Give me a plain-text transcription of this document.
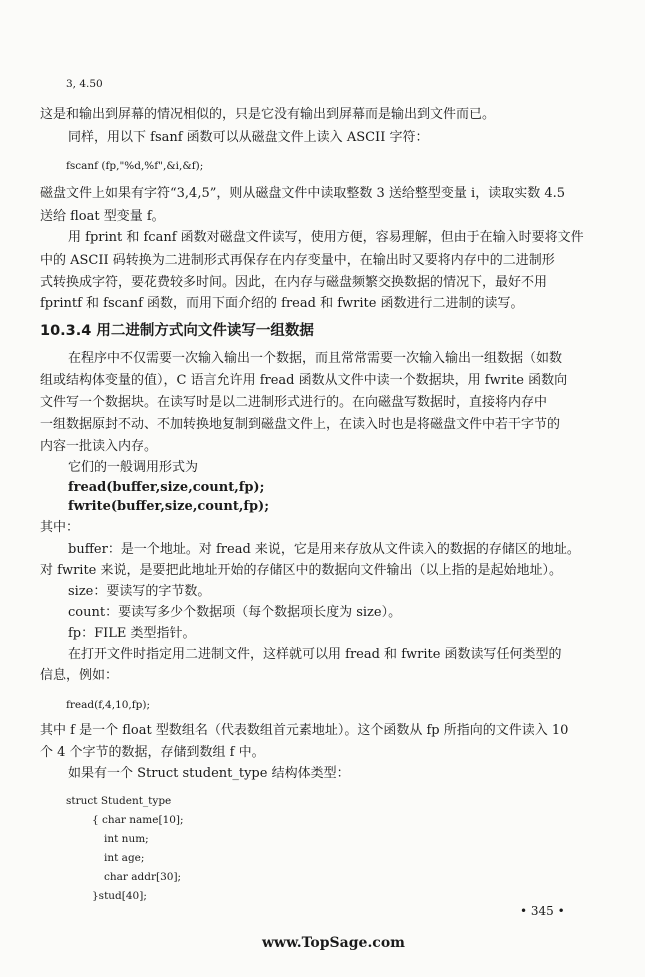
3, 4.50
这是和输出到屏幕的情况相似的，只是它没有输出到屏幕而是输出到文件而已。
同样，用以下 fsanf 函数可以从磁盘文件上读入 ASCII 字符：
fscanf (fp,"%d,%f",&i,&f);
磁盘文件上如果有字符“3,4,5”，则从磁盘文件中读取整数 3 送给整型变量 i，读取实数 4.5
送给 float 型变量 f。
用 fprint 和 fcanf 函数对磁盘文件读写，使用方便，容易理解，但由于在输入时要将文件
中的 ASCII 码转换为二进制形式再保存在内存变量中，在输出时又要将内存中的二进制形
式转换成字符，要花费较多时间。因此，在内存与磁盘频繁交换数据的情况下，最好不用
fprintf 和 fscanf 函数，而用下面介绍的 fread 和 fwrite 函数进行二进制的读写。
10.3.4 用二进制方式向文件读写一组数据
在程序中不仅需要一次输入输出一个数据，而且常常需要一次输入输出一组数据（如数
组或结构体变量的值），C 语言允许用 fread 函数从文件中读一个数据块，用 fwrite 函数向
文件写一个数据块。在读写时是以二进制形式进行的。在向磁盘写数据时，直接将内存中
一组数据原封不动、不加转换地复制到磁盘文件上，在读入时也是将磁盘文件中若干字节的
内容一批读入内存。
它们的一般调用形式为
fread(buffer,size,count,fp);
fwrite(buffer,size,count,fp);
其中：
buffer：是一个地址。对 fread 来说，它是用来存放从文件读入的数据的存储区的地址。
对 fwrite 来说，是要把此地址开始的存储区中的数据向文件输出（以上指的是起始地址）。
size：要读写的字节数。
count：要读写多少个数据项（每个数据项长度为 size）。
fp：FILE 类型指针。
在打开文件时指定用二进制文件，这样就可以用 fread 和 fwrite 函数读写任何类型的
信息，例如：
fread(f,4,10,fp);
其中 f 是一个 float 型数组名（代表数组首元素地址）。这个函数从 fp 所指向的文件读入 10
个 4 个字节的数据，存储到数组 f 中。
如果有一个 Struct student_type 结构体类型：
struct Student_type
{ char name[10];
int num;
int age;
char addr[30];
}stud[40];
• 345 •
www.TopSage.com
